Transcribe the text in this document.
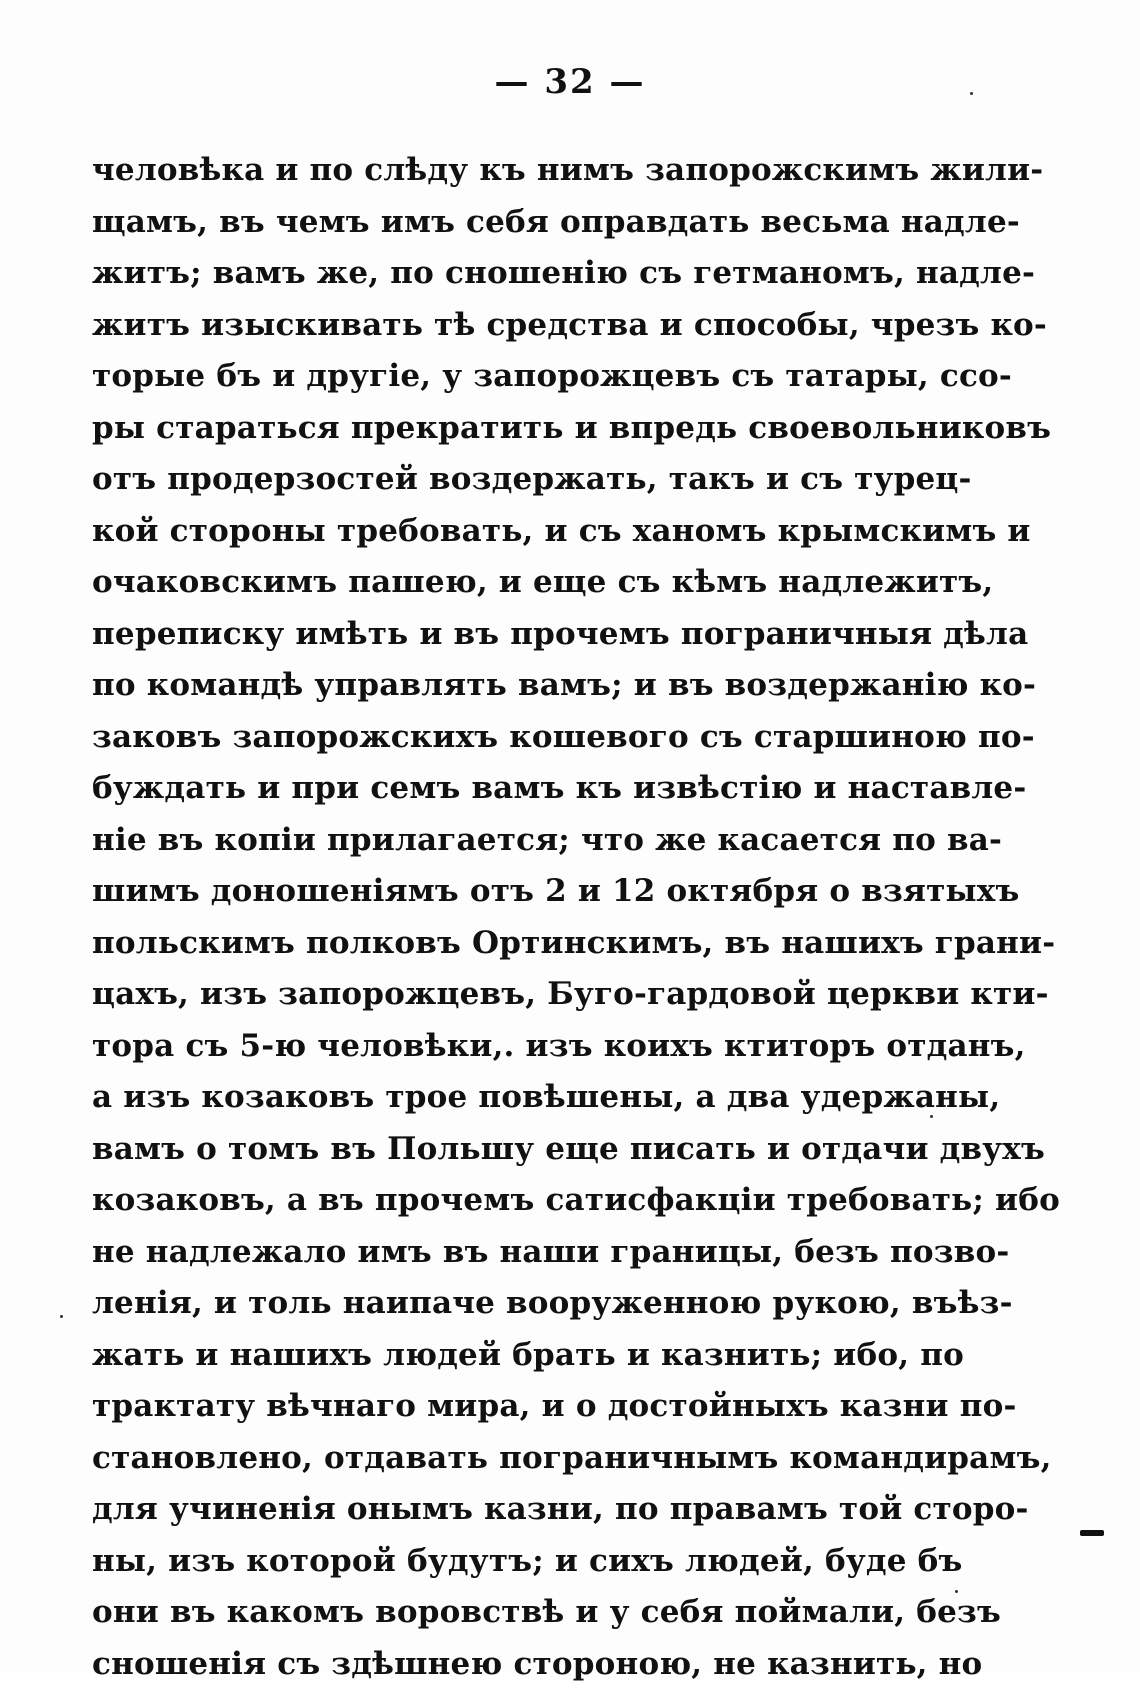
— 32 —
человѣка и по слѣду къ нимъ запорожскимъ жили-
щамъ, въ чемъ имъ себя оправдать весьма надле-
житъ; вамъ же, по сношенію съ гетманомъ, надле-
житъ изыскивать тѣ средства и способы, чрезъ ко-
торые бъ и другіе, у запорожцевъ съ татары, ссо-
ры стараться прекратить и впредь своевольниковъ
отъ продерзостей воздержать, такъ и съ турец-
кой стороны требовать, и съ ханомъ крымскимъ и
очаковскимъ пашею, и еще съ кѣмъ надлежитъ,
переписку имѣть и въ прочемъ пограничныя дѣла
по командѣ управлять вамъ; и въ воздержанію ко-
заковъ запорожскихъ кошевого съ старшиною по-
буждать и при семъ вамъ къ извѣстію и наставле-
ніе въ копіи прилагается; что же касается по ва-
шимъ доношеніямъ отъ 2 и 12 октября о взятыхъ
польскимъ полковъ Ортинскимъ, въ нашихъ грани-
цахъ, изъ запорожцевъ, Буго-гардовой церкви кти-
тора съ 5-ю человѣки,. изъ коихъ ктиторъ отданъ,
а изъ козаковъ трое повѣшены, а два удержаны,
вамъ о томъ въ Польшу еще писать и отдачи двухъ
козаковъ, а въ прочемъ сатисфакціи требовать; ибо
не надлежало имъ въ наши границы, безъ позво-
ленія, и толь наипаче вооруженною рукою, въѣз-
жать и нашихъ людей брать и казнить; ибо, по
трактату вѣчнаго мира, и о достойныхъ казни по-
становлено, отдавать пограничнымъ командирамъ,
для учиненія онымъ казни, по правамъ той сторо-
ны, изъ которой будутъ; и сихъ людей, буде бъ
они въ какомъ воровствѣ и у себя поймали, безъ
сношенія съ здѣшнею стороною, не казнить, но
